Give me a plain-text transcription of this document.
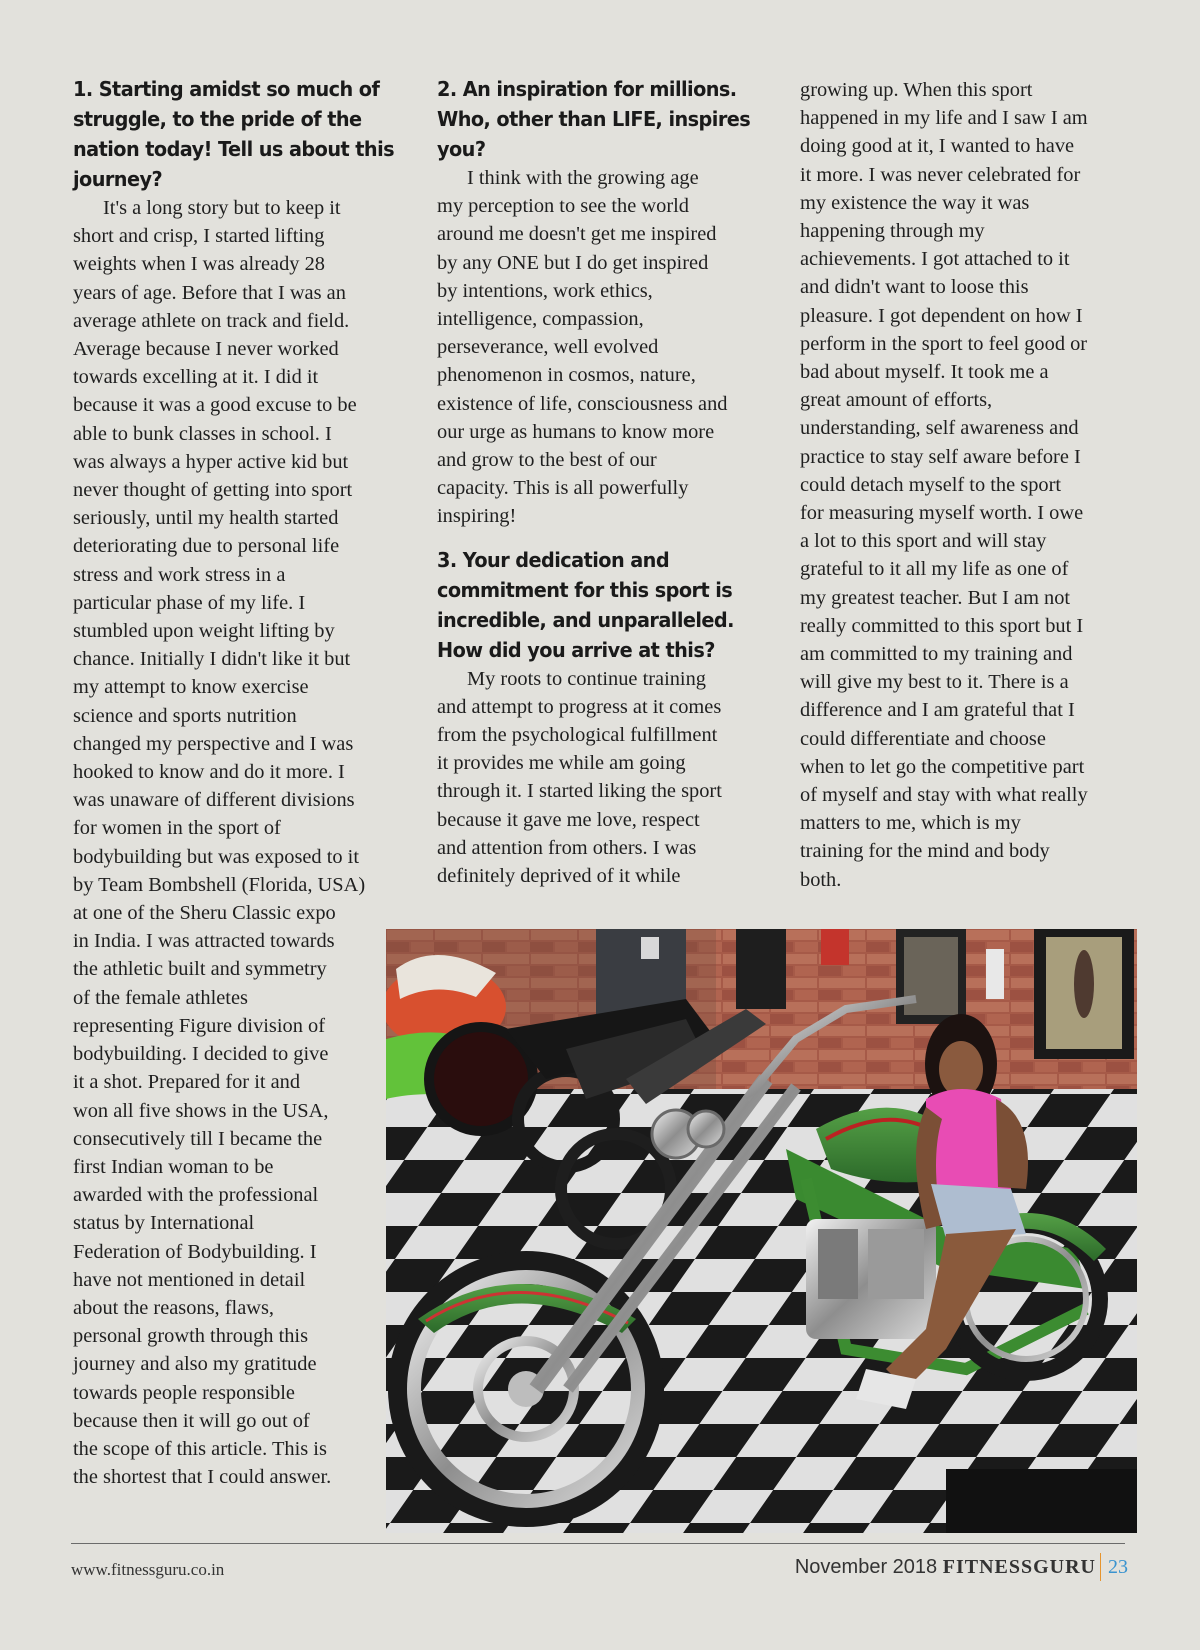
1. Starting amidst so much of
struggle, to the pride of the
nation today! Tell us about this
journey?
It's a long story but to keep it
short and crisp, I started lifting
weights when I was already 28
years of age. Before that I was an
average athlete on track and field.
Average because I never worked
towards excelling at it. I did it
because it was a good excuse to be
able to bunk classes in school. I
was always a hyper active kid but
never thought of getting into sport
seriously, until my health started
deteriorating due to personal life
stress and work stress in a
particular phase of my life. I
stumbled upon weight lifting by
chance. Initially I didn't like it but
my attempt to know exercise
science and sports nutrition
changed my perspective and I was
hooked to know and do it more. I
was unaware of different divisions
for women in the sport of
bodybuilding but was exposed to it
by Team Bombshell (Florida, USA)
at one of the Sheru Classic expo
in India. I was attracted towards
the athletic built and symmetry
of the female athletes
representing Figure division of
bodybuilding. I decided to give
it a shot. Prepared for it and
won all five shows in the USA,
consecutively till I became the
first Indian woman to be
awarded with the professional
status by International
Federation of Bodybuilding. I
have not mentioned in detail
about the reasons, flaws,
personal growth through this
journey and also my gratitude
towards people responsible
because then it will go out of
the scope of this article. This is
the shortest that I could answer.
2. An inspiration for millions.
Who, other than LIFE, inspires
you?
I think with the growing age
my perception to see the world
around me doesn't get me inspired
by any ONE but I do get inspired
by intentions, work ethics,
intelligence, compassion,
perseverance, well evolved
phenomenon in cosmos, nature,
existence of life, consciousness and
our urge as humans to know more
and grow to the best of our
capacity. This is all powerfully
inspiring!
3. Your dedication and
commitment for this sport is
incredible, and unparalleled.
How did you arrive at this?
My roots to continue training
and attempt to progress at it comes
from the psychological fulfillment
it provides me while am going
through it. I started liking the sport
because it gave me love, respect
and attention from others. I was
definitely deprived of it while
growing up. When this sport
happened in my life and I saw I am
doing good at it, I wanted to have
it more. I was never celebrated for
my existence the way it was
happening through my
achievements. I got attached to it
and didn't want to loose this
pleasure. I got dependent on how I
perform in the sport to feel good or
bad about myself. It took me a
great amount of efforts,
understanding, self awareness and
practice to stay self aware before I
could detach myself to the sport
for measuring myself worth. I owe
a lot to this sport and will stay
grateful to it all my life as one of
my greatest teacher. But I am not
really committed to this sport but I
am committed to my training and
will give my best to it. There is a
difference and I am grateful that I
could differentiate and choose
when to let go the competitive part
of myself and stay with what really
matters to me, which is my
training for the mind and body
both.
www.fitnessguru.co.in	November 2018 FITNESSGURU 23
